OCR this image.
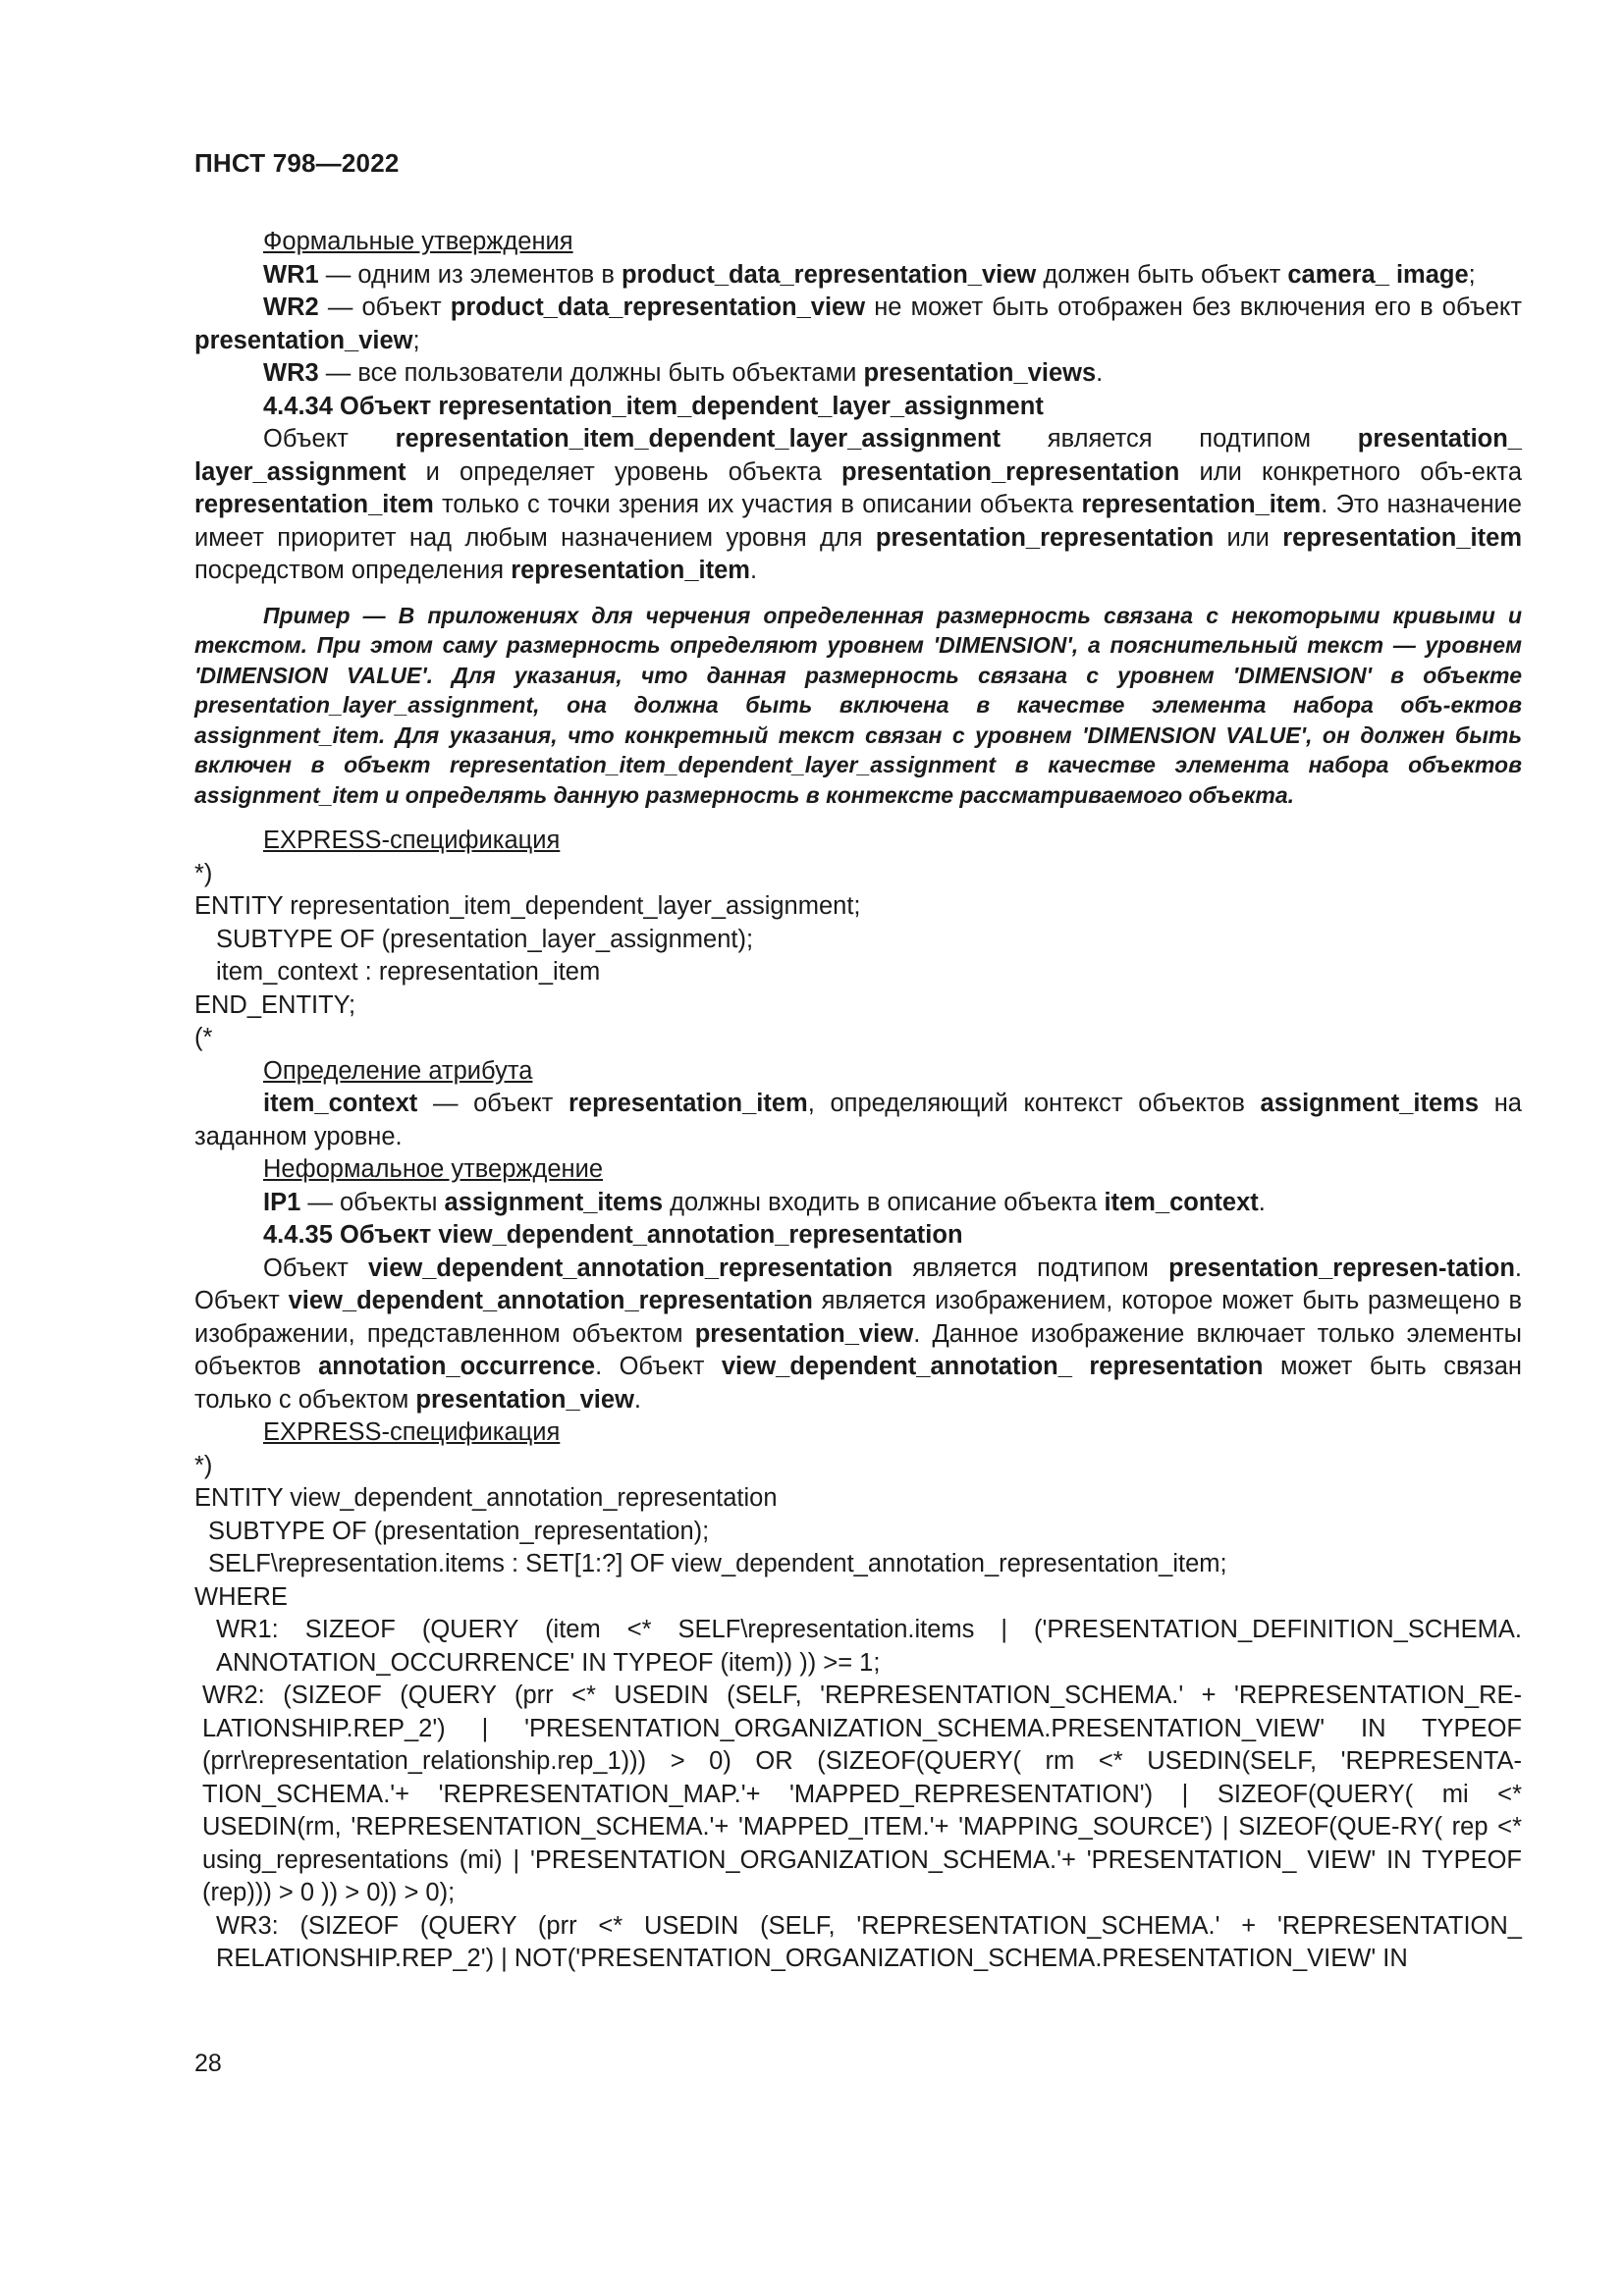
ПНСТ 798—2022

Формальные утверждения

WR1 — одним из элементов в product_data_representation_view должен быть объект camera_ image;

WR2 — объект product_data_representation_view не может быть отображен без включения его в объект presentation_view;

WR3 — все пользователи должны быть объектами presentation_views.

4.4.34 Объект representation_item_dependent_layer_assignment

Объект representation_item_dependent_layer_assignment является подтипом presentation_ layer_assignment и определяет уровень объекта presentation_representation или конкретного объ-екта representation_item только с точки зрения их участия в описании объекта representation_item. Это назначение имеет приоритет над любым назначением уровня для presentation_representation или representation_item посредством определения representation_item.

Пример — В приложениях для черчения определенная размерность связана с некоторыми кривыми и текстом. При этом саму размерность определяют уровнем 'DIMENSION', а пояснительный текст — уровнем 'DIMENSION VALUE'. Для указания, что данная размерность связана с уровнем 'DIMENSION' в объекте presentation_layer_assignment, она должна быть включена в качестве элемента набора объ-ектов assignment_item. Для указания, что конкретный текст связан с уровнем 'DIMENSION VALUE', он должен быть включен в объект representation_item_dependent_layer_assignment в качестве элемента набора объектов assignment_item и определять данную размерность в контексте рассматриваемого объекта.

EXPRESS-спецификация

*)

ENTITY representation_item_dependent_layer_assignment;

SUBTYPE OF (presentation_layer_assignment);

item_context : representation_item

END_ENTITY;

(*

Определение атрибута

item_context — объект representation_item, определяющий контекст объектов assignment_items на заданном уровне.

Неформальное утверждение

IP1 — объекты assignment_items должны входить в описание объекта item_context.

4.4.35 Объект view_dependent_annotation_representation

Объект view_dependent_annotation_representation является подтипом presentation_represen-tation. Объект view_dependent_annotation_representation является изображением, которое может быть размещено в изображении, представленном объектом presentation_view. Данное изображение включает только элементы объектов annotation_occurrence. Объект view_dependent_annotation_ representation может быть связан только с объектом presentation_view.

EXPRESS-спецификация

*)

ENTITY view_dependent_annotation_representation

SUBTYPE OF (presentation_representation);

SELF\representation.items : SET[1:?] OF view_dependent_annotation_representation_item;

WHERE

WR1: SIZEOF (QUERY (item <* SELF\representation.items | ('PRESENTATION_DEFINITION_SCHEMA. ANNOTATION_OCCURRENCE' IN TYPEOF (item)) )) >= 1;

WR2: (SIZEOF (QUERY (prr <* USEDIN (SELF, 'REPRESENTATION_SCHEMA.' + 'REPRESENTATION_RE-LATIONSHIP.REP_2') | 'PRESENTATION_ORGANIZATION_SCHEMA.PRESENTATION_VIEW' IN TYPEOF (prr\representation_relationship.rep_1))) > 0) OR (SIZEOF(QUERY( rm <* USEDIN(SELF, 'REPRESENTA-TION_SCHEMA.'+ 'REPRESENTATION_MAP.'+ 'MAPPED_REPRESENTATION') | SIZEOF(QUERY( mi <* USEDIN(rm, 'REPRESENTATION_SCHEMA.'+ 'MAPPED_ITEM.'+ 'MAPPING_SOURCE') | SIZEOF(QUE-RY( rep <* using_representations (mi) | 'PRESENTATION_ORGANIZATION_SCHEMA.'+ 'PRESENTATION_ VIEW' IN TYPEOF (rep))) > 0 )) > 0)) > 0);

WR3: (SIZEOF (QUERY (prr <* USEDIN (SELF, 'REPRESENTATION_SCHEMA.' + 'REPRESENTATION_ RELATIONSHIP.REP_2') | NOT('PRESENTATION_ORGANIZATION_SCHEMA.PRESENTATION_VIEW' IN

28
